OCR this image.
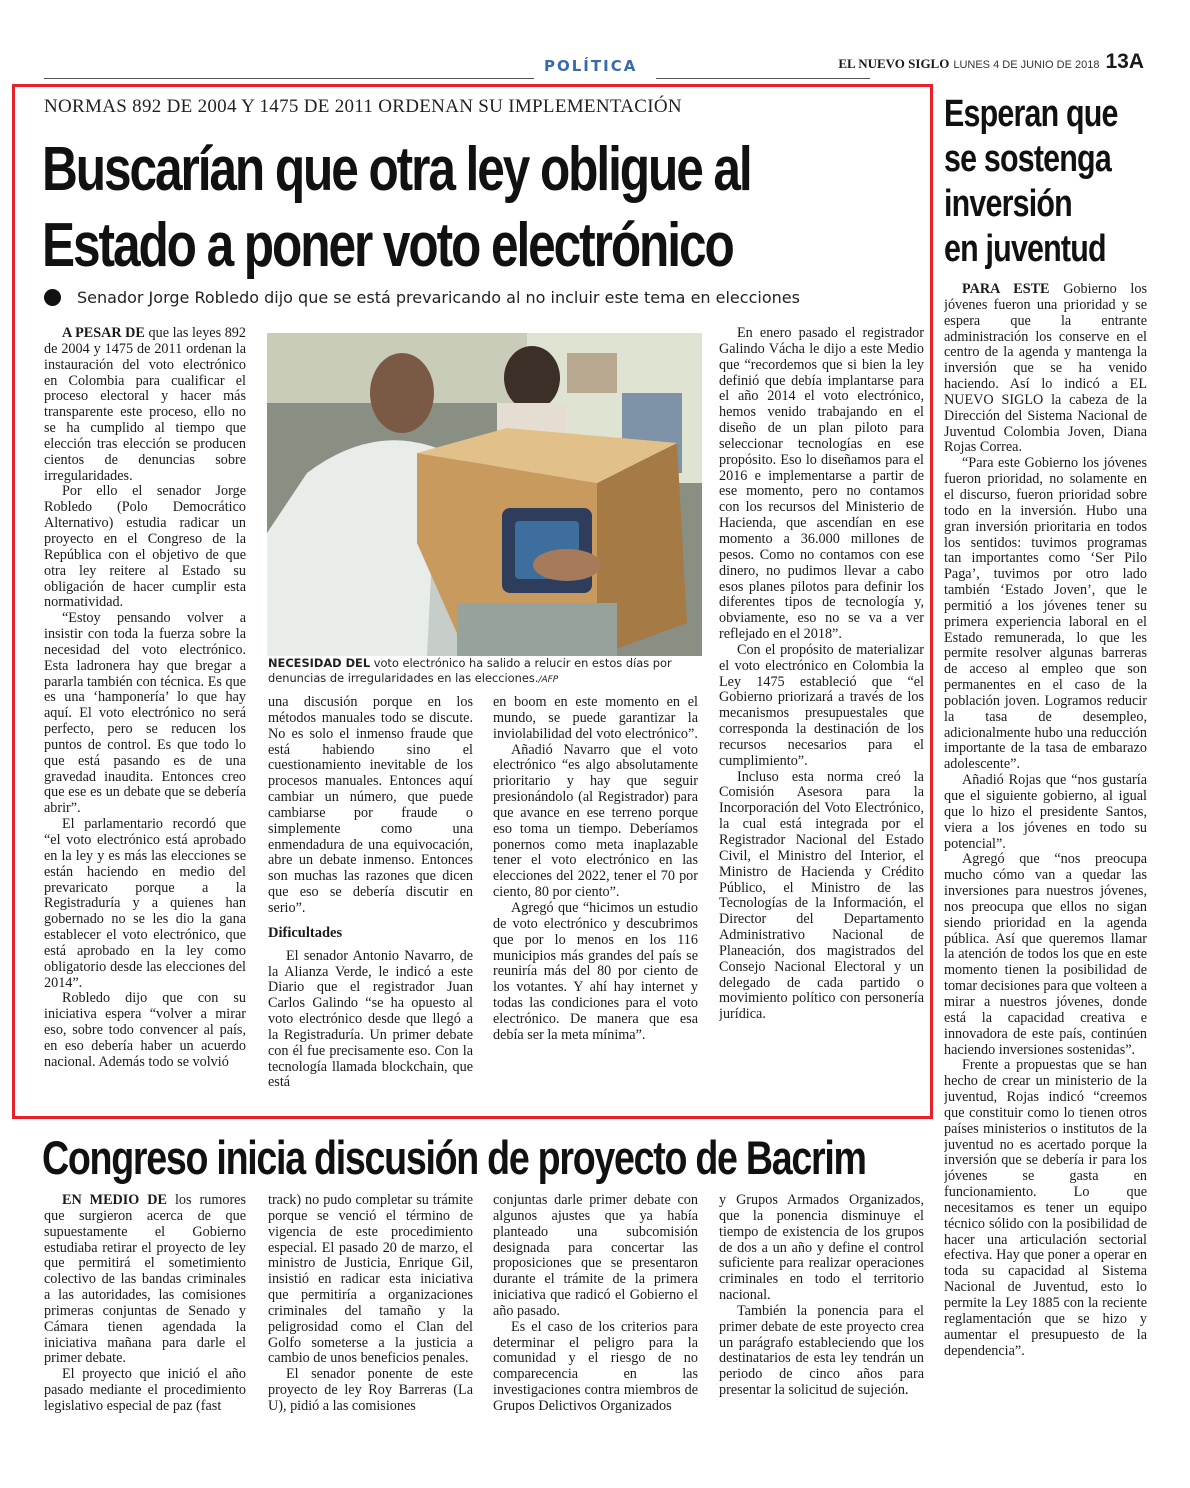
POLÍTICA	EL NUEVO SIGLO LUNES 4 DE JUNIO DE 2018 13A
NORMAS 892 DE 2004 Y 1475 DE 2011 ORDENAN SU IMPLEMENTACIÓN
Buscarían que otra ley obligue al
Estado a poner voto electrónico
Senador Jorge Robledo dijo que se está prevaricando al no incluir este tema en elecciones

A PESAR DE que las leyes 892 de 2004 y 1475 de 2011 ordenan la instauración del voto electrónico en Colombia para cualificar el proceso electoral y hacer más transparente este proceso, ello no se ha cumplido al tiempo que elección tras elección se producen cientos de denuncias sobre irregularidades.

Por ello el senador Jorge Robledo (Polo Democrático Alternativo) estudia radicar un proyecto en el Congreso de la República con el objetivo de que otra ley reitere al Estado su obligación de hacer cumplir esta normatividad.

“Estoy pensando volver a insistir con toda la fuerza sobre la necesidad del voto electrónico. Esta ladronera hay que bregar a pararla también con técnica. Es que es una ‘hamponería’ lo que hay aquí. El voto electrónico no será perfecto, pero se reducen los puntos de control. Es que todo lo que está pasando es de una gravedad inaudita. Entonces creo que ese es un debate que se debería abrir”.

El parlamentario recordó que “el voto electrónico está aprobado en la ley y es más las elecciones se están haciendo en medio del prevaricato porque a la Registraduría y a quienes han gobernado no se les dio la gana establecer el voto electrónico, que está aprobado en la ley como obligatorio desde las elecciones del 2014”.

Robledo dijo que con su iniciativa espera “volver a mirar eso, sobre todo convencer al país, en eso debería haber un acuerdo nacional. Además todo se volvió

NECESIDAD DEL voto electrónico ha salido a relucir en estos días por denuncias de irregularidades en las elecciones./AFP

una discusión porque en los métodos manuales todo se discute. No es solo el inmenso fraude que está habiendo sino el cuestionamiento inevitable de los procesos manuales. Entonces aquí cambiar un número, que puede cambiarse por fraude o simplemente como una enmendadura de una equivocación, abre un debate inmenso. Entonces son muchas las razones que dicen que eso se debería discutir en serio”.

Dificultades

El senador Antonio Navarro, de la Alianza Verde, le indicó a este Diario que el registrador Juan Carlos Galindo “se ha opuesto al voto electrónico desde que llegó a la Registraduría. Un primer debate con él fue precisamente eso. Con la tecnología llamada blockchain, que está

en boom en este momento en el mundo, se puede garantizar la inviolabilidad del voto electrónico”.

Añadió Navarro que el voto electrónico “es algo absolutamente prioritario y hay que seguir presionándolo (al Registrador) para que avance en ese terreno porque eso toma un tiempo. Deberíamos ponernos como meta inaplazable tener el voto electrónico en las elecciones del 2022, tener el 70 por ciento, 80 por ciento”.

Agregó que “hicimos un estudio de voto electrónico y descubrimos que por lo menos en los 116 municipios más grandes del país se reuniría más del 80 por ciento de los votantes. Y ahí hay internet y todas las condiciones para el voto electrónico. De manera que esa debía ser la meta mínima”.

En enero pasado el registrador Galindo Vácha le dijo a este Medio que “recordemos que si bien la ley definió que debía implantarse para el año 2014 el voto electrónico, hemos venido trabajando en el diseño de un plan piloto para seleccionar tecnologías en ese propósito. Eso lo diseñamos para el 2016 e implementarse a partir de ese momento, pero no contamos con los recursos del Ministerio de Hacienda, que ascendían en ese momento a 36.000 millones de pesos. Como no contamos con ese dinero, no pudimos llevar a cabo esos planes pilotos para definir los diferentes tipos de tecnología y, obviamente, eso no se va a ver reflejado en el 2018”.

Con el propósito de materializar el voto electrónico en Colombia la Ley 1475 estableció que “el Gobierno priorizará a través de los mecanismos presupuestales que corresponda la destinación de los recursos necesarios para el cumplimiento”.

Incluso esta norma creó la Comisión Asesora para la Incorporación del Voto Electrónico, la cual está integrada por el Registrador Nacional del Estado Civil, el Ministro del Interior, el Ministro de Hacienda y Crédito Público, el Ministro de las Tecnologías de la Información, el Director del Departamento Administrativo Nacional de Planeación, dos magistrados del Consejo Nacional Electoral y un delegado de cada partido o movimiento político con personería jurídica.

Esperan que
se sostenga
inversión
en juventud

PARA ESTE Gobierno los jóvenes fueron una prioridad y se espera que la entrante administración los conserve en el centro de la agenda y mantenga la inversión que se ha venido haciendo. Así lo indicó a EL NUEVO SIGLO la cabeza de la Dirección del Sistema Nacional de Juventud Colombia Joven, Diana Rojas Correa.

“Para este Gobierno los jóvenes fueron prioridad, no solamente en el discurso, fueron prioridad sobre todo en la inversión. Hubo una gran inversión prioritaria en todos los sentidos: tuvimos programas tan importantes como ‘Ser Pilo Paga’, tuvimos por otro lado también ‘Estado Joven’, que le permitió a los jóvenes tener su primera experiencia laboral en el Estado remunerada, lo que les permite resolver algunas barreras de acceso al empleo que son permanentes en el caso de la población joven. Logramos reducir la tasa de desempleo, adicionalmente hubo una reducción importante de la tasa de embarazo adolescente”.

Añadió Rojas que “nos gustaría que el siguiente gobierno, al igual que lo hizo el presidente Santos, viera a los jóvenes en todo su potencial”.

Agregó que “nos preocupa mucho cómo van a quedar las inversiones para nuestros jóvenes, nos preocupa que ellos no sigan siendo prioridad en la agenda pública. Así que queremos llamar la atención de todos los que en este momento tienen la posibilidad de tomar decisiones para que volteen a mirar a nuestros jóvenes, donde está la capacidad creativa e innovadora de este país, continúen haciendo inversiones sostenidas”.

Frente a propuestas que se han hecho de crear un ministerio de la juventud, Rojas indicó “creemos que constituir como lo tienen otros países ministerios o institutos de la juventud no es acertado porque la inversión que se debería ir para los jóvenes se gasta en funcionamiento. Lo que necesitamos es tener un equipo técnico sólido con la posibilidad de hacer una articulación sectorial efectiva. Hay que poner a operar en toda su capacidad al Sistema Nacional de Juventud, esto lo permite la Ley 1885 con la reciente reglamentación que se hizo y aumentar el presupuesto de la dependencia”.

Congreso inicia discusión de proyecto de Bacrim

EN MEDIO DE los rumores que surgieron acerca de que supuestamente el Gobierno estudiaba retirar el proyecto de ley que permitirá el sometimiento colectivo de las bandas criminales a las autoridades, las comisiones primeras conjuntas de Senado y Cámara tienen agendada la iniciativa mañana para darle el primer debate.

El proyecto que inició el año pasado mediante el procedimiento legislativo especial de paz (fast

track) no pudo completar su trámite porque se venció el término de vigencia de este procedimiento especial. El pasado 20 de marzo, el ministro de Justicia, Enrique Gil, insistió en radicar esta iniciativa que permitiría a organizaciones criminales del tamaño y la peligrosidad como el Clan del Golfo someterse a la justicia a cambio de unos beneficios penales.

El senador ponente de este proyecto de ley Roy Barreras (La U), pidió a las comisiones

conjuntas darle primer debate con algunos ajustes que ya había planteado una subcomisión designada para concertar las proposiciones que se presentaron durante el trámite de la primera iniciativa que radicó el Gobierno el año pasado.

Es el caso de los criterios para determinar el peligro para la comunidad y el riesgo de no comparecencia en las investigaciones contra miembros de Grupos Delictivos Organizados

y Grupos Armados Organizados, que la ponencia disminuye el tiempo de existencia de los grupos de dos a un año y define el control suficiente para realizar operaciones criminales en todo el territorio nacional.

También la ponencia para el primer debate de este proyecto crea un parágrafo estableciendo que los destinatarios de esta ley tendrán un periodo de cinco años para presentar la solicitud de sujeción.
